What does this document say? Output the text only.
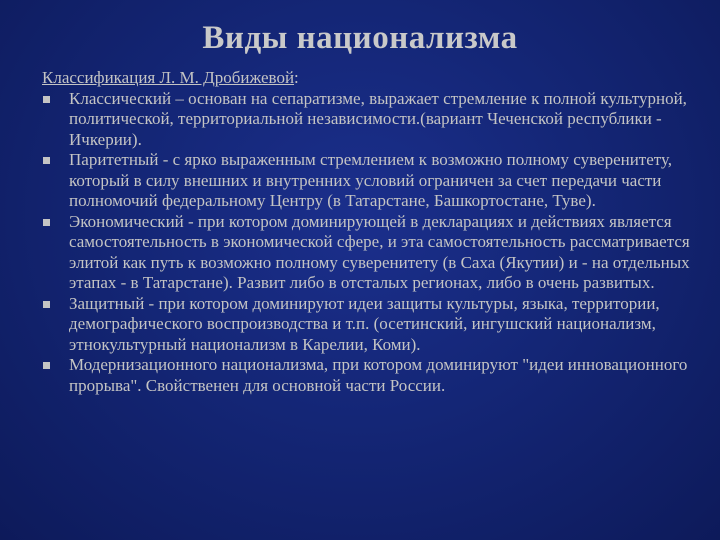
Виды национализма

Классификация Л. М. Дробижевой:

Классический – основан на сепаратизме, выражает стремление к полной культурной, политической, территориальной независимости.(вариант Чеченской республики - Ичкерии).
Паритетный - с ярко выраженным стремлением к возможно полному суверенитету, который в силу внешних и внутренних условий ограничен за счет передачи части полномочий федеральному Центру (в Татарстане, Башкортостане, Туве).
Экономический - при котором доминирующей в декларациях и действиях является самостоятельность в экономической сфере, и эта самостоятельность рассматривается элитой как путь к возможно полному суверенитету (в Саха (Якутии) и - на отдельных этапах - в Татарстане). Развит либо в отсталых регионах, либо в очень развитых.
Защитный - при котором доминируют идеи защиты культуры, языка, территории, демографического воспроизводства и т.п. (осетинский, ингушский национализм, этнокультурный национализм в Карелии, Коми).
Модернизационного национализма, при котором доминируют "идеи инновационного прорыва". Свойственен для основной части России.
